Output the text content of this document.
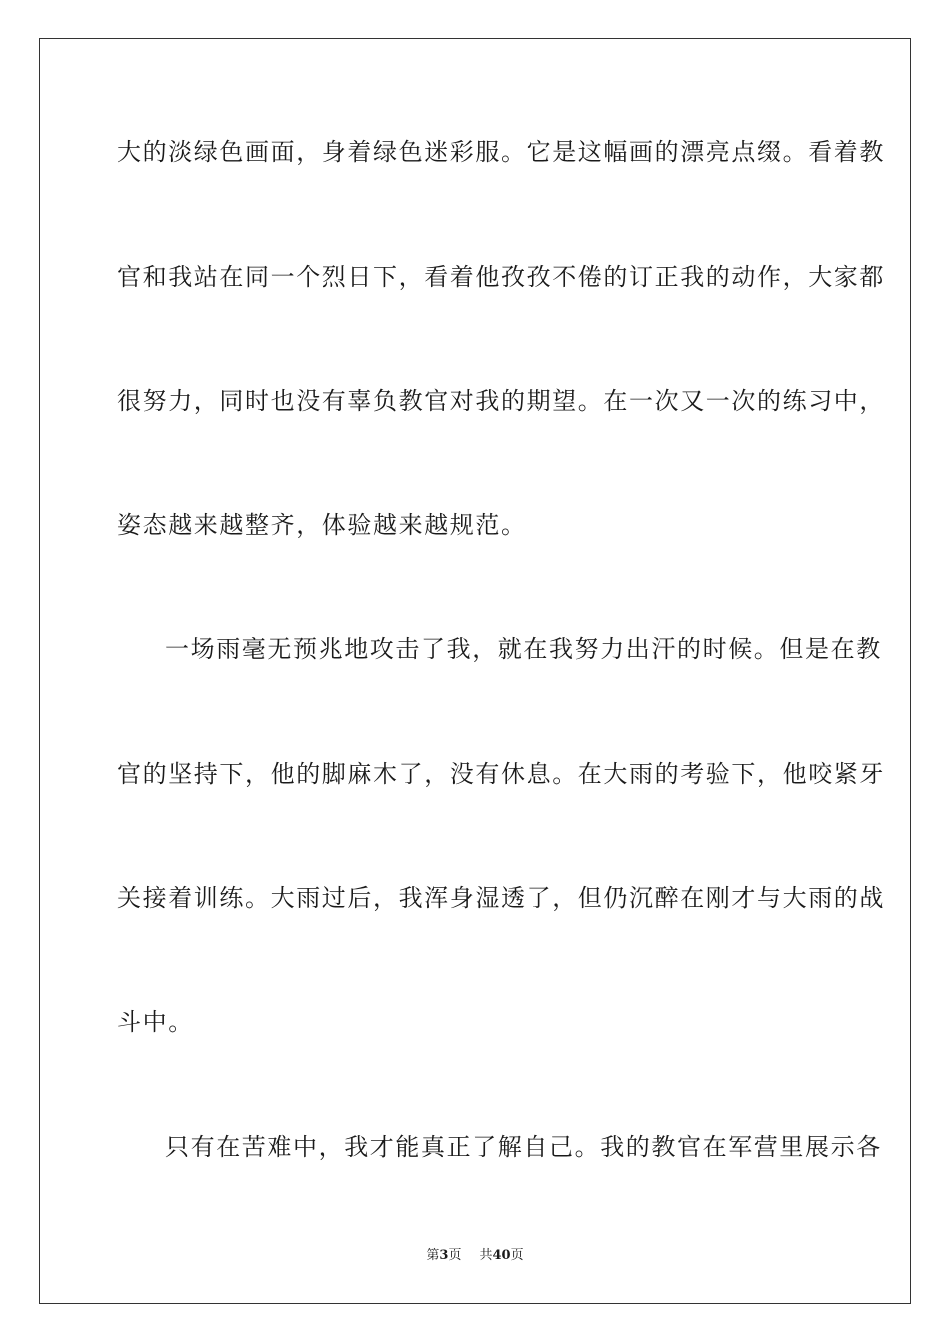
大的淡绿色画面，身着绿色迷彩服。它是这幅画的漂亮点缀。看着教
官和我站在同一个烈日下，看着他孜孜不倦的订正我的动作，大家都
很努力，同时也没有辜负教官对我的期望。在一次又一次的练习中，
姿态越来越整齐，体验越来越规范。
一场雨毫无预兆地攻击了我，就在我努力出汗的时候。但是在教
官的坚持下，他的脚麻木了，没有休息。在大雨的考验下，他咬紧牙
关接着训练。大雨过后，我浑身湿透了，但仍沉醉在刚才与大雨的战
斗中。
只有在苦难中，我才能真正了解自己。我的教官在军营里展示各
第3页 共40页
